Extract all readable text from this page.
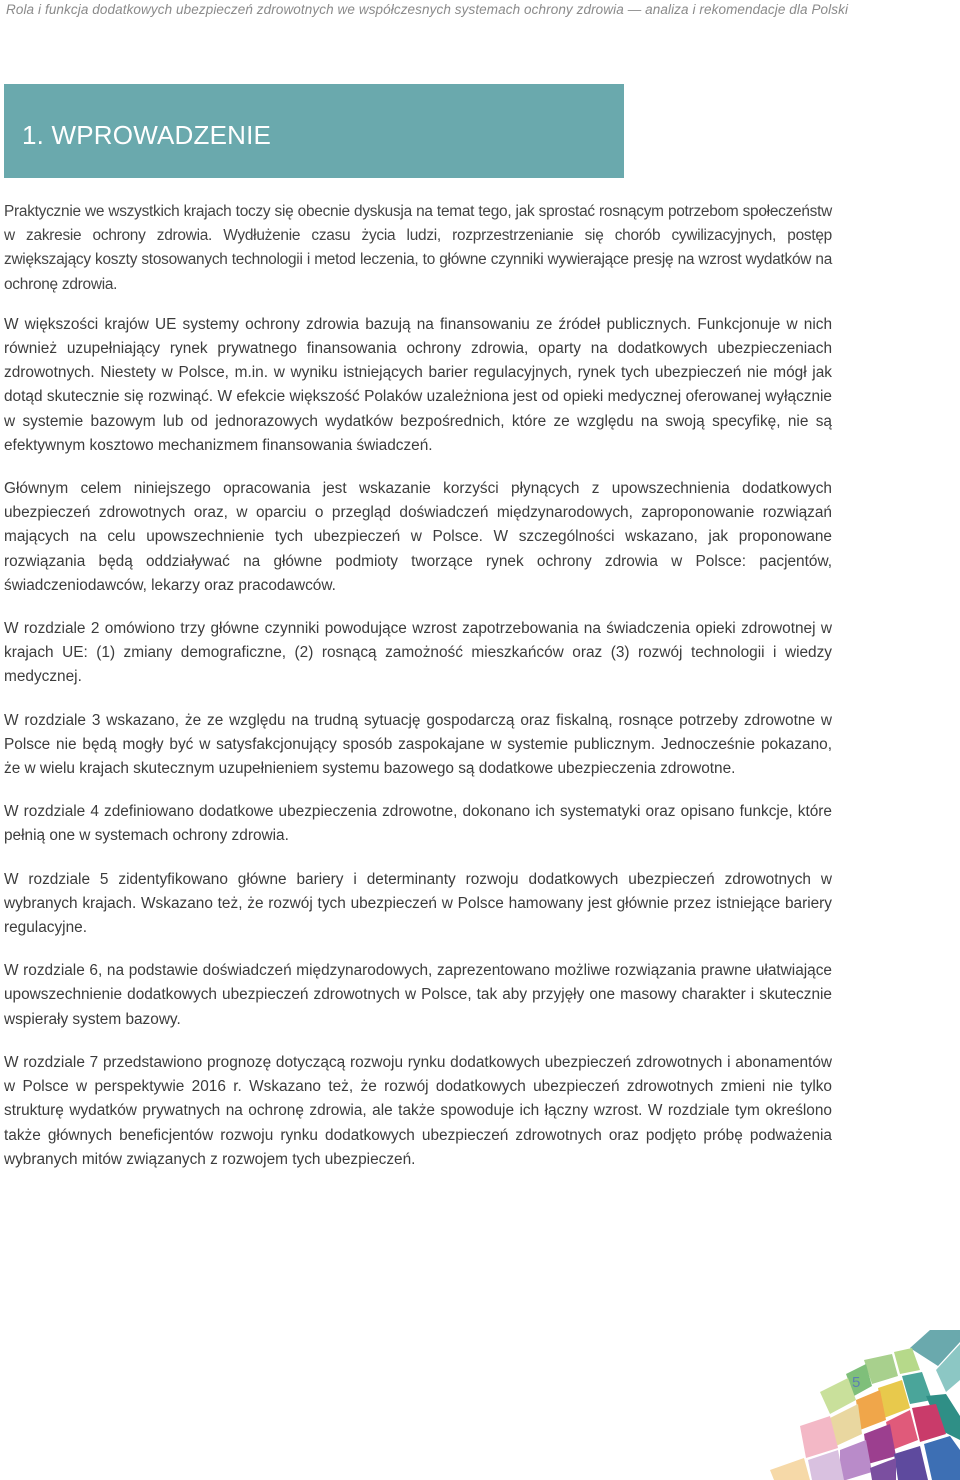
Rola i funkcja dodatkowych ubezpieczeń zdrowotnych we współczesnych systemach ochrony zdrowia — analiza i rekomendacje dla Polski
1. WPROWADZENIE

Praktycznie we wszystkich krajach toczy się obecnie dyskusja na temat tego, jak sprostać rosnącym potrzebom społeczeństw w zakresie ochrony zdrowia. Wydłużenie czasu życia ludzi, rozprzestrzenianie się chorób cywilizacyjnych, postęp zwiększający koszty stosowanych technologii i metod leczenia, to główne czynniki wywierające presję na wzrost wydatków na ochronę zdrowia.

W większości krajów UE systemy ochrony zdrowia bazują na finansowaniu ze źródeł publicznych. Funkcjonuje w nich również uzupełniający rynek prywatnego finansowania ochrony zdrowia, oparty na dodatkowych ubezpieczeniach zdrowotnych. Niestety w Polsce, m.in. w wyniku istniejących barier regulacyjnych, rynek tych ubezpieczeń nie mógł jak dotąd skutecznie się rozwinąć. W efekcie większość Polaków uzależniona jest od opieki medycznej oferowanej wyłącznie w systemie bazowym lub od jednorazowych wydatków bezpośrednich, które ze względu na swoją specyfikę, nie są efektywnym kosztowo mechanizmem finansowania świadczeń.

Głównym celem niniejszego opracowania jest wskazanie korzyści płynących z upowszechnienia dodatkowych ubezpieczeń zdrowotnych oraz, w oparciu o przegląd doświadczeń międzynarodowych, zaproponowanie rozwiązań mających na celu upowszechnienie tych ubezpieczeń w Polsce. W szczególności wskazano, jak proponowane rozwiązania będą oddziaływać na główne podmioty tworzące rynek ochrony zdrowia w Polsce: pacjentów, świadczeniodawców, lekarzy oraz pracodawców.

W rozdziale 2 omówiono trzy główne czynniki powodujące wzrost zapotrzebowania na świadczenia opieki zdrowotnej w krajach UE: (1) zmiany demograficzne, (2) rosnącą zamożność mieszkańców oraz (3) rozwój technologii i wiedzy medycznej.

W rozdziale 3 wskazano, że ze względu na trudną sytuację gospodarczą oraz fiskalną, rosnące potrzeby zdrowotne w Polsce nie będą mogły być w satysfakcjonujący sposób zaspokajane w systemie publicznym. Jednocześnie pokazano, że w wielu krajach skutecznym uzupełnieniem systemu bazowego są dodatkowe ubezpieczenia zdrowotne.

W rozdziale 4 zdefiniowano dodatkowe ubezpieczenia zdrowotne, dokonano ich systematyki oraz opisano funkcje, które pełnią one w systemach ochrony zdrowia.

W rozdziale 5 zidentyfikowano główne bariery i determinanty rozwoju dodatkowych ubezpieczeń zdrowotnych w wybranych krajach. Wskazano też, że rozwój tych ubezpieczeń w Polsce hamowany jest głównie przez istniejące bariery regulacyjne.

W rozdziale 6, na podstawie doświadczeń międzynarodowych, zaprezentowano możliwe rozwiązania prawne ułatwiające upowszechnienie dodatkowych ubezpieczeń zdrowotnych w Polsce, tak aby przyjęły one masowy charakter i skutecznie wspierały system bazowy.

W rozdziale 7 przedstawiono prognozę dotyczącą rozwoju rynku dodatkowych ubezpieczeń zdrowotnych i abonamentów w Polsce w perspektywie 2016 r. Wskazano też, że rozwój dodatkowych ubezpieczeń zdrowotnych zmieni nie tylko strukturę wydatków prywatnych na ochronę zdrowia, ale także spowoduje ich łączny wzrost. W rozdziale tym określono także głównych beneficjentów rozwoju rynku dodatkowych ubezpieczeń zdrowotnych oraz podjęto próbę podważenia wybranych mitów związanych z rozwojem tych ubezpieczeń.

5
